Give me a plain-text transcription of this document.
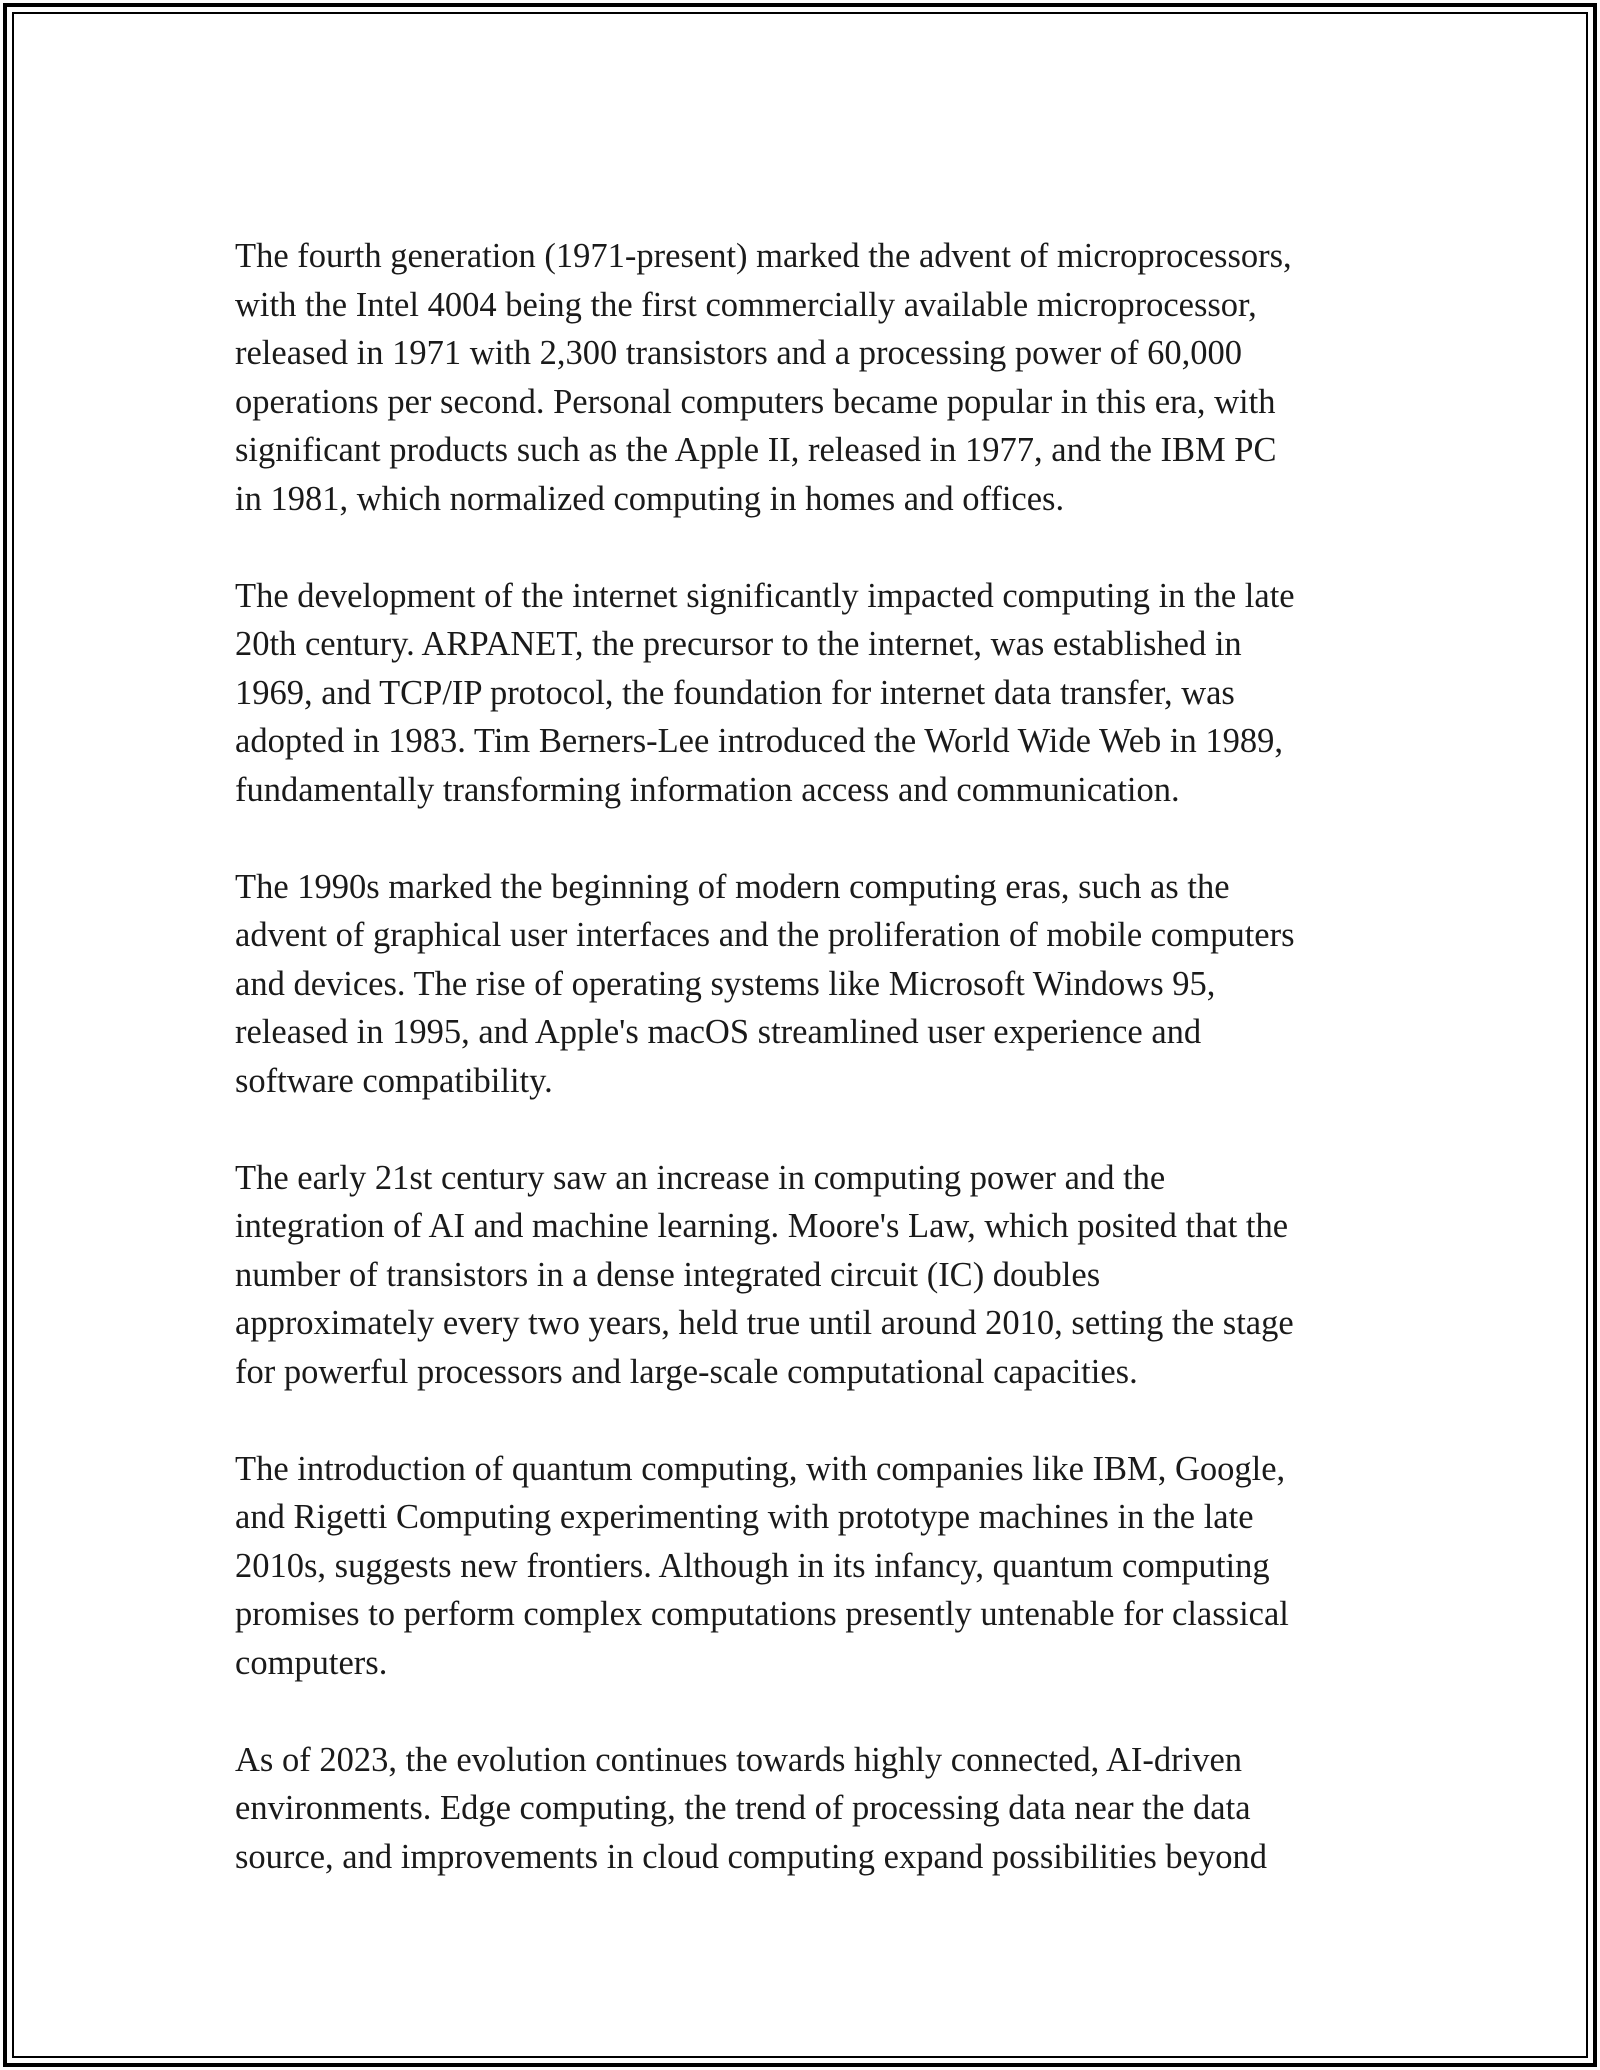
The fourth generation (1971-present) marked the advent of microprocessors,
with the Intel 4004 being the first commercially available microprocessor,
released in 1971 with 2,300 transistors and a processing power of 60,000
operations per second. Personal computers became popular in this era, with
significant products such as the Apple II, released in 1977, and the IBM PC
in 1981, which normalized computing in homes and offices.

The development of the internet significantly impacted computing in the late
20th century. ARPANET, the precursor to the internet, was established in
1969, and TCP/IP protocol, the foundation for internet data transfer, was
adopted in 1983. Tim Berners-Lee introduced the World Wide Web in 1989,
fundamentally transforming information access and communication.

The 1990s marked the beginning of modern computing eras, such as the
advent of graphical user interfaces and the proliferation of mobile computers
and devices. The rise of operating systems like Microsoft Windows 95,
released in 1995, and Apple's macOS streamlined user experience and
software compatibility.

The early 21st century saw an increase in computing power and the
integration of AI and machine learning. Moore's Law, which posited that the
number of transistors in a dense integrated circuit (IC) doubles
approximately every two years, held true until around 2010, setting the stage
for powerful processors and large-scale computational capacities.

The introduction of quantum computing, with companies like IBM, Google,
and Rigetti Computing experimenting with prototype machines in the late
2010s, suggests new frontiers. Although in its infancy, quantum computing
promises to perform complex computations presently untenable for classical
computers.

As of 2023, the evolution continues towards highly connected, AI-driven
environments. Edge computing, the trend of processing data near the data
source, and improvements in cloud computing expand possibilities beyond
